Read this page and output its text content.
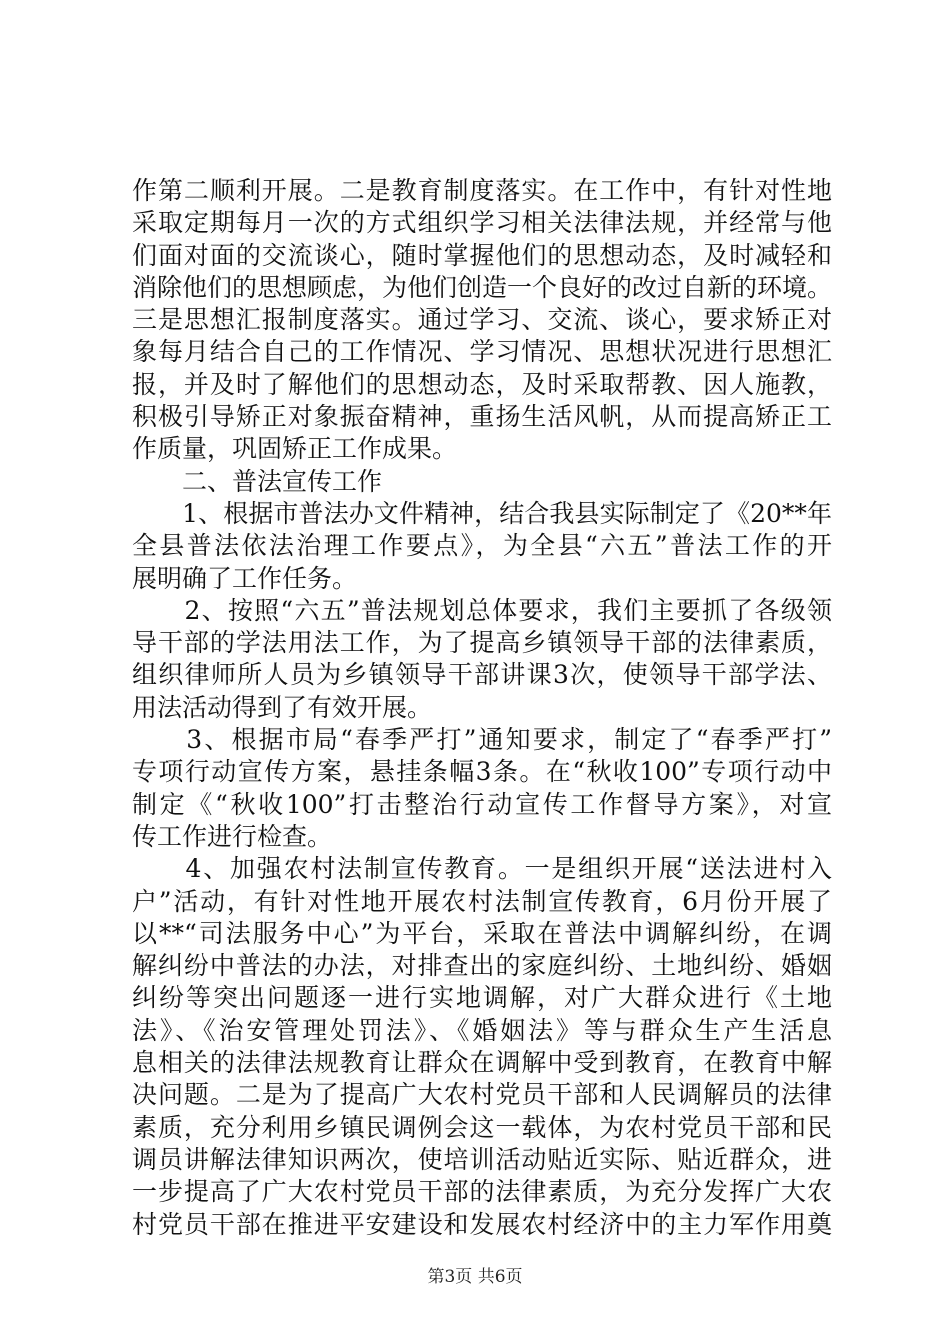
作第二顺利开展。二是教育制度落实。在工作中，有针对性地
采取定期每月一次的方式组织学习相关法律法规，并经常与他
们面对面的交流谈心，随时掌握他们的思想动态，及时减轻和
消除他们的思想顾虑，为他们创造一个良好的改过自新的环境。
三是思想汇报制度落实。通过学习、交流、谈心，要求矫正对
象每月结合自己的工作情况、学习情况、思想状况进行思想汇
报，并及时了解他们的思想动态，及时采取帮教、因人施教，
积极引导矫正对象振奋精神，重扬生活风帆，从而提高矫正工
作质量，巩固矫正工作成果。
　　二、普法宣传工作
　　1、根据市普法办文件精神，结合我县实际制定了《20**年
全县普法依法治理工作要点》，为全县“六五”普法工作的开
展明确了工作任务。
　　2、按照“六五”普法规划总体要求，我们主要抓了各级领
导干部的学法用法工作，为了提高乡镇领导干部的法律素质，
组织律师所人员为乡镇领导干部讲课3次，使领导干部学法、
用法活动得到了有效开展。
　　3、根据市局“春季严打”通知要求，制定了“春季严打”
专项行动宣传方案，悬挂条幅3条。在“秋收100”专项行动中
制定《“秋收100”打击整治行动宣传工作督导方案》，对宣
传工作进行检查。
　　4、加强农村法制宣传教育。一是组织开展“送法进村入
户”活动，有针对性地开展农村法制宣传教育，6月份开展了
以**“司法服务中心”为平台，采取在普法中调解纠纷，在调
解纠纷中普法的办法，对排查出的家庭纠纷、土地纠纷、婚姻
纠纷等突出问题逐一进行实地调解，对广大群众进行《土地
法》、《治安管理处罚法》、《婚姻法》等与群众生产生活息
息相关的法律法规教育让群众在调解中受到教育，在教育中解
决问题。二是为了提高广大农村党员干部和人民调解员的法律
素质，充分利用乡镇民调例会这一载体，为农村党员干部和民
调员讲解法律知识两次，使培训活动贴近实际、贴近群众，进
一步提高了广大农村党员干部的法律素质，为充分发挥广大农
村党员干部在推进平安建设和发展农村经济中的主力军作用奠
第3页 共6页
